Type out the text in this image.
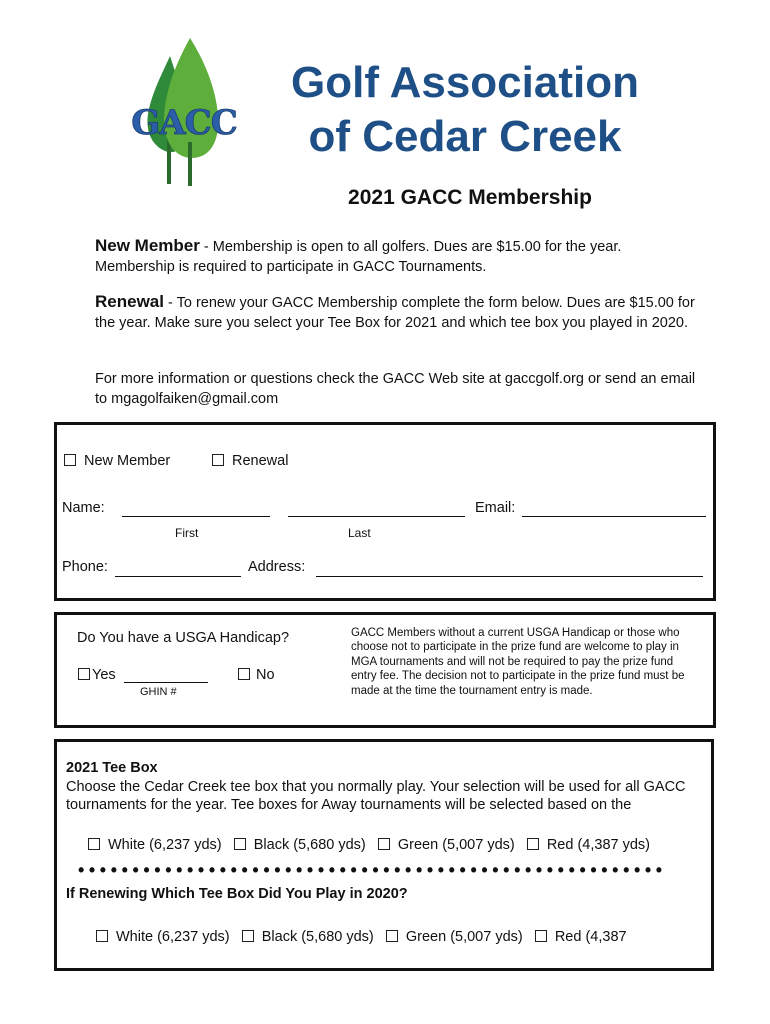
GACC
Golf Association
of Cedar Creek
2021 GACC Membership
New Member - Membership is open to all golfers. Dues are $15.00 for the year. Membership is required to participate in GACC Tournaments.
Renewal - To renew your GACC Membership complete the form below. Dues are $15.00 for the year. Make sure you select your Tee Box for 2021 and which tee box you played in 2020.
For more information or questions check the GACC Web site at gaccgolf.org or send an email to mgagolfaiken@gmail.com
New Member	Renewal
Name:
First	Last
Email:
Phone:	Address:
Do You have a USGA Handicap?
Yes
GHIN #
No
GACC Members without a current USGA Handicap or those who choose not to participate in the prize fund are welcome to play in MGA tournaments and will not be required to pay the prize fund entry fee. The decision not to participate in the prize fund must be made at the time the tournament entry is made.
2021 Tee Box
Choose the Cedar Creek tee box that you normally play. Your selection will be used for all GACC tournaments for the year. Tee boxes for Away tournaments will be selected based on the
White (6,237 yds) Black (5,680 yds) Green (5,007 yds) Red (4,387 yds)
••••••••••••••••••••••••••••••••••••••••••••••••••••••
If Renewing Which Tee Box Did You Play in 2020?
White (6,237 yds) Black (5,680 yds) Green (5,007 yds) Red (4,387
